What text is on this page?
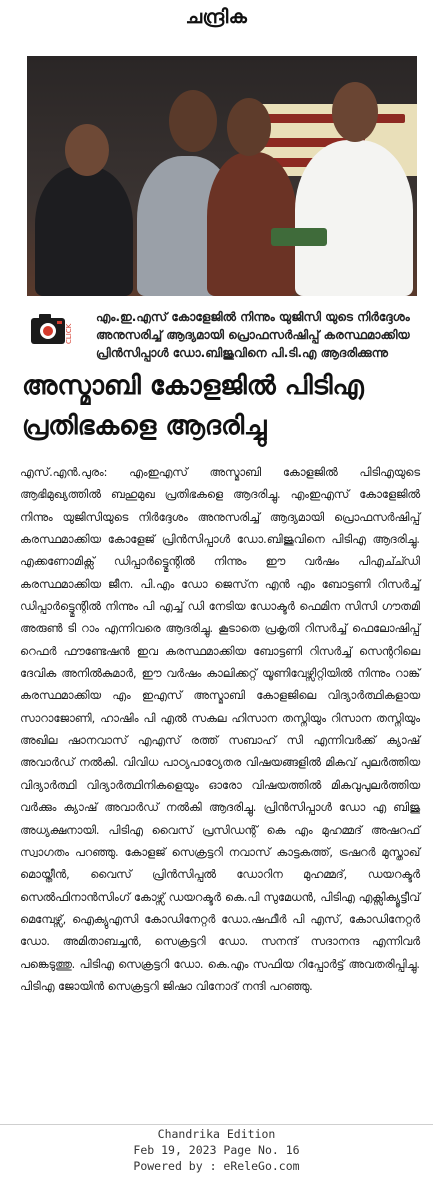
ചന്ദ്രിക
CLICK

എം.ഇ.എസ് കോളേജിൽ നിന്നും യുജിസി യുടെ നിർദ്ദേശം അനുസരിച്ച് ആദ്യമായി പ്രൊഫസർഷിപ്പ് കരസ്ഥമാക്കിയ പ്രിൻസിപ്പാൾ ഡോ.ബിജുവിനെ പി.ടി.എ ആദരിക്കുന്നു

അസ്മാബി കോളജിൽ പിടിഎ പ്രതിഭകളെ ആദരിച്ചു

എസ്.എൻ.പുരം: എംഇഎസ് അസ്മാബി കോളജിൽ പിടിഎയുടെ ആഭിമുഖ്യത്തിൽ ബഹുമുഖ പ്രതിഭകളെ ആദരിച്ചു. എംഇഎസ് കോളേജിൽ നിന്നും യുജിസിയുടെ നിർദ്ദേശം അനുസരിച്ച് ആദ്യമായി പ്രൊഫസർഷിപ്പ് കരസ്ഥമാക്കിയ കോളേജ് പ്രിൻസിപ്പാൾ ഡോ.ബിജുവിനെ പിടിഎ ആദരിച്ചു. എക്കണോമിക്സ് ഡിപ്പാർട്ട്മെന്റിൽ നിന്നും ഈ വർഷം പിഎച്ച്ഡി കരസ്ഥമാക്കിയ ജീന. പി.എം ഡോ ജെസ്‌ന എൻ എം ബോട്ടണി റിസർച്ച് ഡിപ്പാർട്ട്മെന്റിൽ നിന്നും പി എച്ച് ഡി നേടിയ ഡോക്ടർ ഫെമിന സിസി ഗൗതമി അരുൺ ടി റാം എന്നിവരെ ആദരിച്ചു. കൂടാതെ പ്രകൃതി റിസർച്ച് ഫെലോഷിപ്പ് റെഫർ ഫൗണ്ടേഷൻ ഇവ കരസ്ഥമാക്കിയ ബോട്ടണി റിസർച്ച് സെന്ററിലെ ദേവിക അനിൽകുമാർ, ഈ വർഷം കാലിക്കറ്റ് യൂണിവേഴ്സിറ്റിയിൽ നിന്നും റാങ്ക് കരസ്ഥമാക്കിയ എം ഇഎസ് അസ്മാബി കോളജിലെ വിദ്യാർത്ഥികളായ സാറാജോണി, ഹാഷിം പി എൽ സകല ഹിസാന തസ്നിയും റിസാന തസ്നിയും അഖില ഷാനവാസ് എഎസ് രത്ത് സബാഹ് സി എന്നിവർക്ക് ക്യാഷ് അവാർഡ് നൽകി. വിവിധ പാഠ്യപാഠ്യേതര വിഷയങ്ങളിൽ മികവ് പുലർത്തിയ വിദ്യാർത്ഥി വിദ്യാർത്ഥിനികളെയും ഓരോ വിഷയത്തിൽ മികവുപുലർത്തിയ വർക്കും ക്യാഷ് അവാർഡ് നൽകി ആദരിച്ചു. പ്രിൻസിപ്പാൾ ഡോ എ ബിജു അധ്യക്ഷനായി. പിടിഎ വൈസ് പ്രസിഡന്റ് കെ എം മുഹമ്മദ് അഷറഫ് സ്വാഗതം പറഞ്ഞു. കോളജ് സെക്രട്ടറി നവാസ് കാട്ടകത്ത്, ട്രഷറർ മുസ്താഖ് മൊയ്തീൻ, വൈസ് പ്രിൻസിപ്പൽ ഡോറിന മുഹമ്മദ്, ഡയറക്ടർ സെൽഫിനാൻസിംഗ് കോഴ്സ് ഡയറക്ടർ കെ.പി സുമേധൻ, പിടിഎ എക്സിക്യൂട്ടീവ് മെമ്പേഴ്സ്, ഐക്യുഎസി കോഡിനേറ്റർ ഡോ.ഷഫീർ പി എസ്, കോഡിനേറ്റർ ഡോ. അമിതാബച്ചൻ, സെക്രട്ടറി ഡോ. സനന്ദ് സദാനന്ദ എന്നിവർ പങ്കെടുത്തു. പിടിഎ സെക്രട്ടറി ഡോ. കെ.എം സഫിയ റിപ്പോർട്ട് അവതരിപ്പിച്ചു. പിടിഎ ജോയിൻ സെക്രട്ടറി ജിഷാ വിനോദ് നന്ദി പറഞ്ഞു.

Chandrika Edition
Feb 19, 2023 Page No. 16
Powered by : eReleGo.com
